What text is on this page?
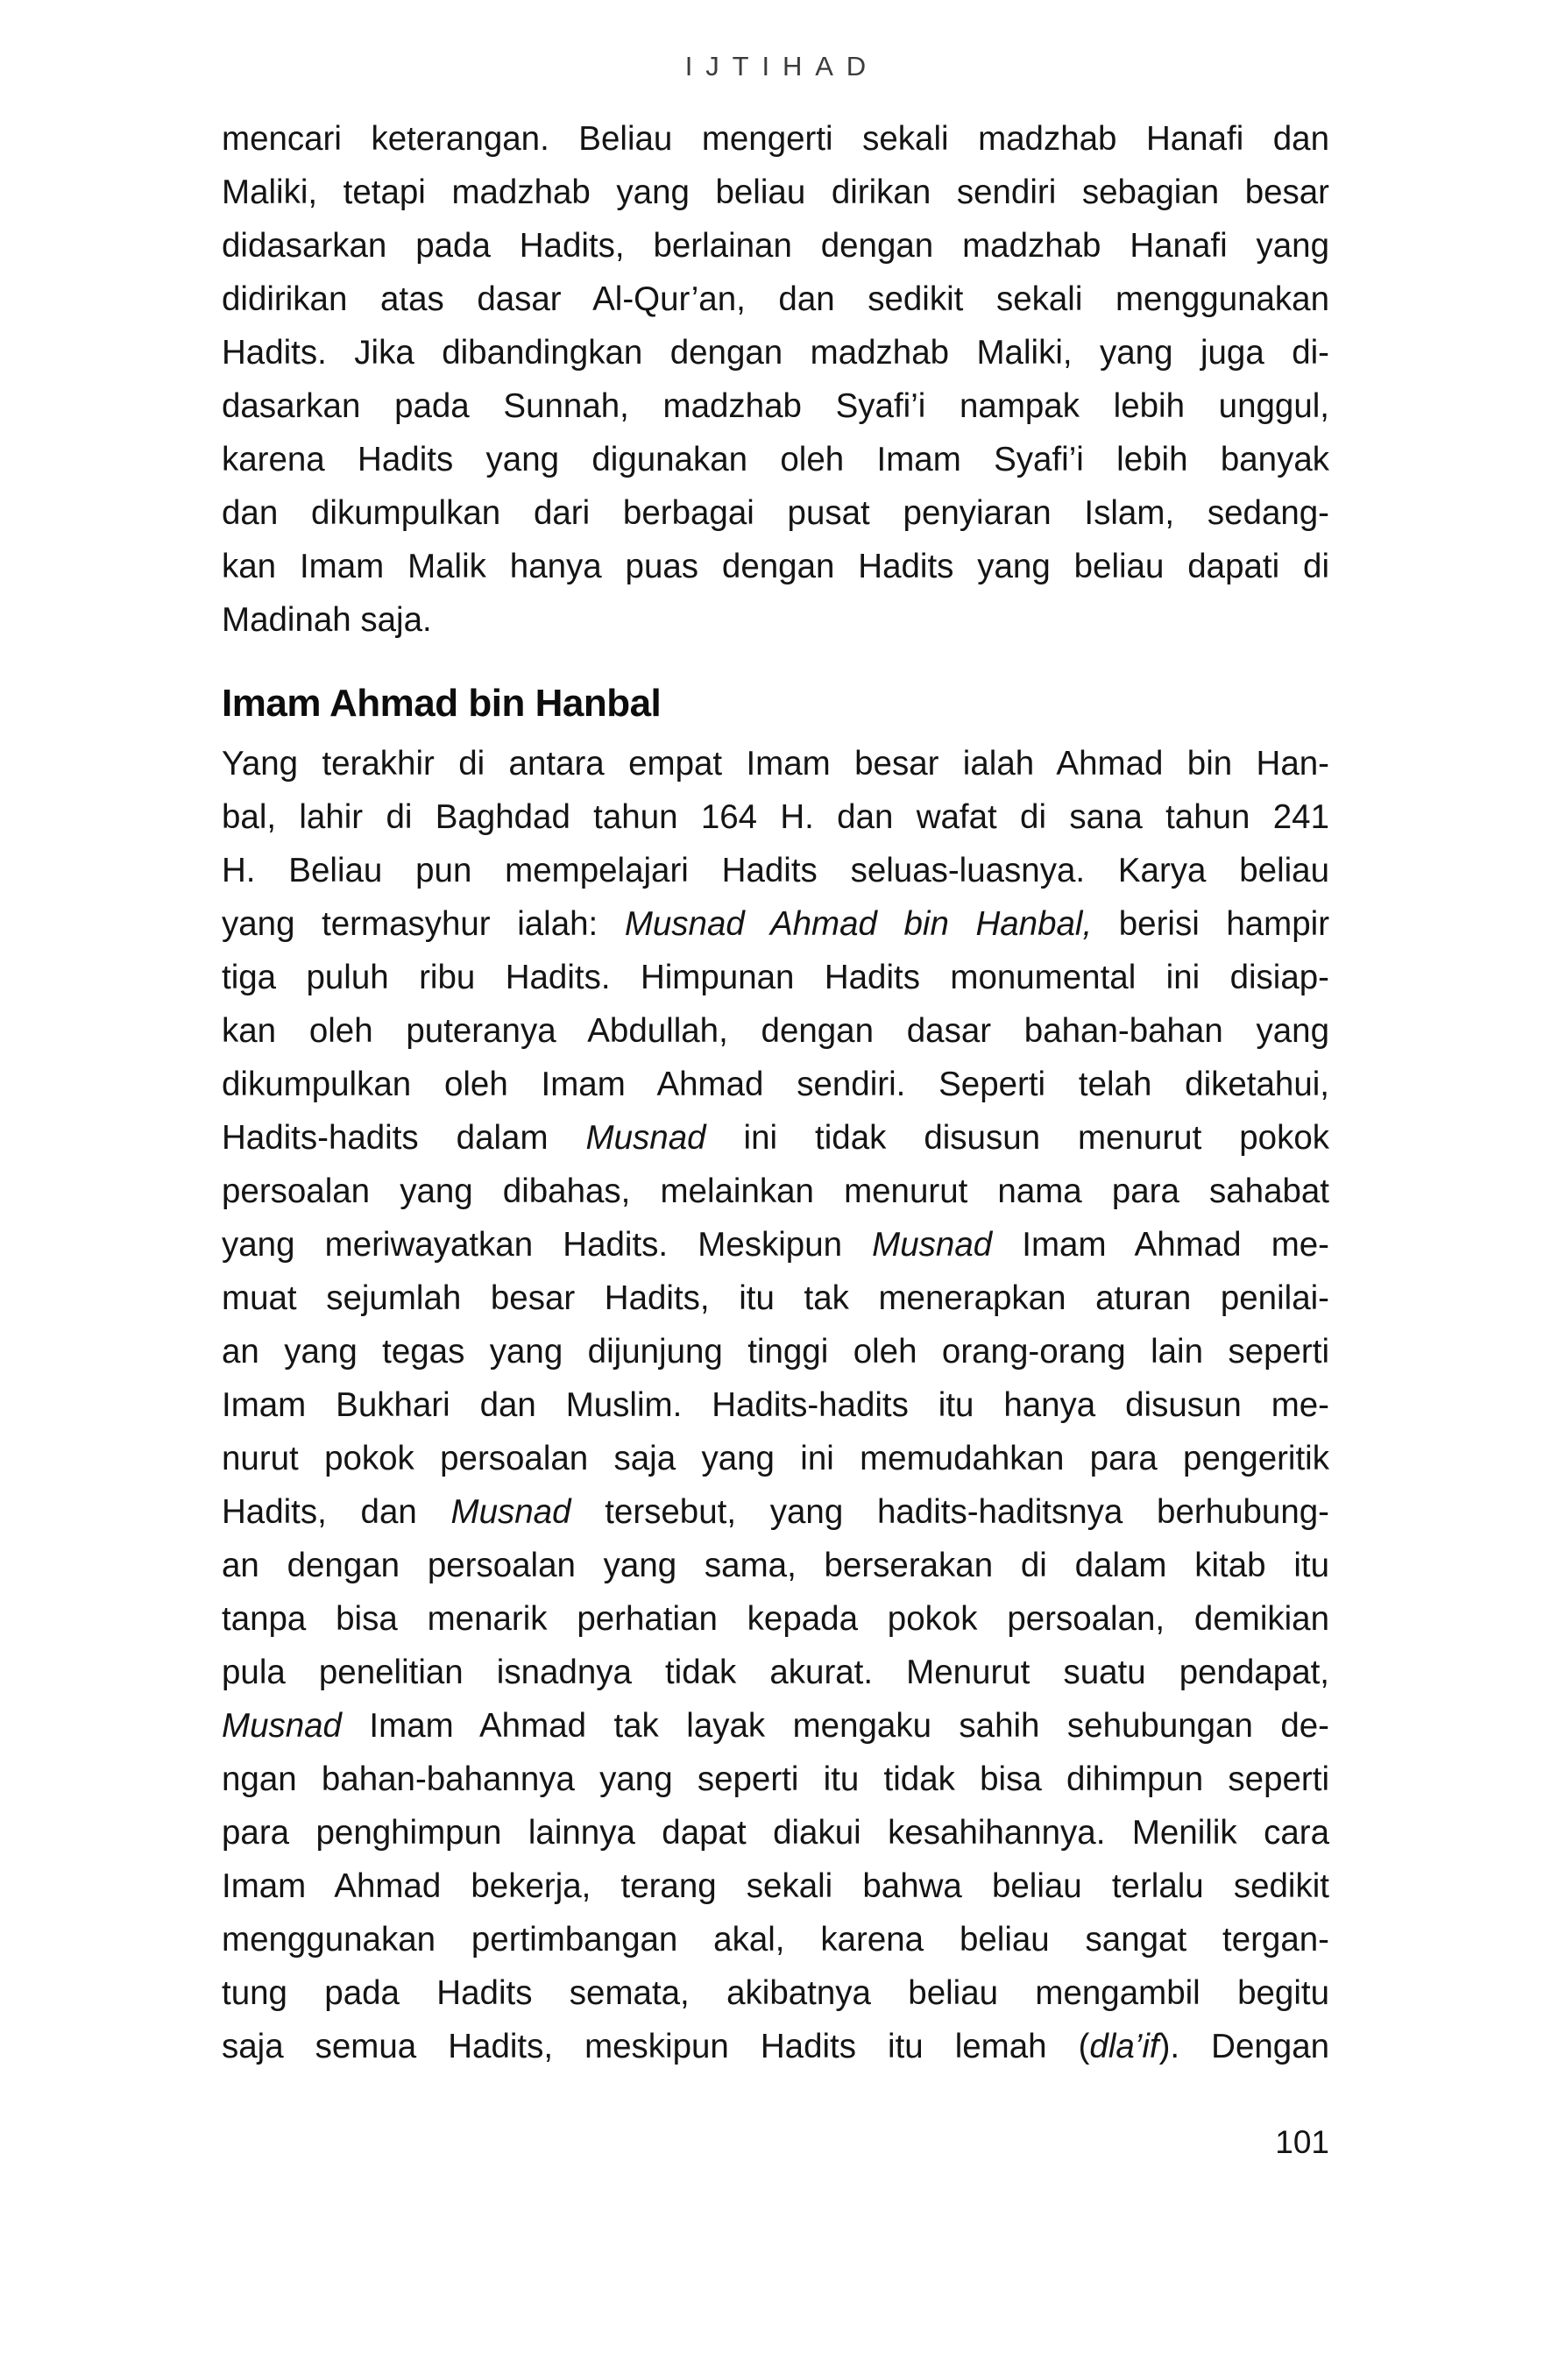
IJTIHAD
mencari keterangan. Beliau mengerti sekali madzhab Hanafi dan
Maliki, tetapi madzhab yang beliau dirikan sendiri sebagian besar
didasarkan pada Hadits, berlainan dengan madzhab Hanafi yang
didirikan atas dasar Al-Qur’an, dan sedikit sekali menggunakan
Hadits. Jika dibandingkan dengan madzhab Maliki, yang juga di-
dasarkan pada Sunnah, madzhab Syafi’i nampak lebih unggul,
karena Hadits yang digunakan oleh Imam Syafi’i lebih banyak
dan dikumpulkan dari berbagai pusat penyiaran Islam, sedang-
kan Imam Malik hanya puas dengan Hadits yang beliau dapati di
Madinah saja.
Imam Ahmad bin Hanbal
Yang terakhir di antara empat Imam besar ialah Ahmad bin Han-
bal, lahir di Baghdad tahun 164 H. dan wafat di sana tahun 241
H. Beliau pun mempelajari Hadits seluas-luasnya. Karya beliau
yang termasyhur ialah: Musnad Ahmad bin Hanbal, berisi hampir
tiga puluh ribu Hadits. Himpunan Hadits monumental ini disiap-
kan oleh puteranya Abdullah, dengan dasar bahan-bahan yang
dikumpulkan oleh Imam Ahmad sendiri. Seperti telah diketahui,
Hadits-hadits dalam Musnad ini tidak disusun menurut pokok
persoalan yang dibahas, melainkan menurut nama para sahabat
yang meriwayatkan Hadits. Meskipun Musnad Imam Ahmad me-
muat sejumlah besar Hadits, itu tak menerapkan aturan penilai-
an yang tegas yang dijunjung tinggi oleh orang-orang lain seperti
Imam Bukhari dan Muslim. Hadits-hadits itu hanya disusun me-
nurut pokok persoalan saja yang ini memudahkan para pengeritik
Hadits, dan Musnad tersebut, yang hadits-haditsnya berhubung-
an dengan persoalan yang sama, berserakan di dalam kitab itu
tanpa bisa menarik perhatian kepada pokok persoalan, demikian
pula penelitian isnadnya tidak akurat. Menurut suatu pendapat,
Musnad Imam Ahmad tak layak mengaku sahih sehubungan de-
ngan bahan-bahannya yang seperti itu tidak bisa dihimpun seperti
para penghimpun lainnya dapat diakui kesahihannya. Menilik cara
Imam Ahmad bekerja, terang sekali bahwa beliau terlalu sedikit
menggunakan pertimbangan akal, karena beliau sangat tergan-
tung pada Hadits semata, akibatnya beliau mengambil begitu
saja semua Hadits, meskipun Hadits itu lemah (dla’if). Dengan
101
